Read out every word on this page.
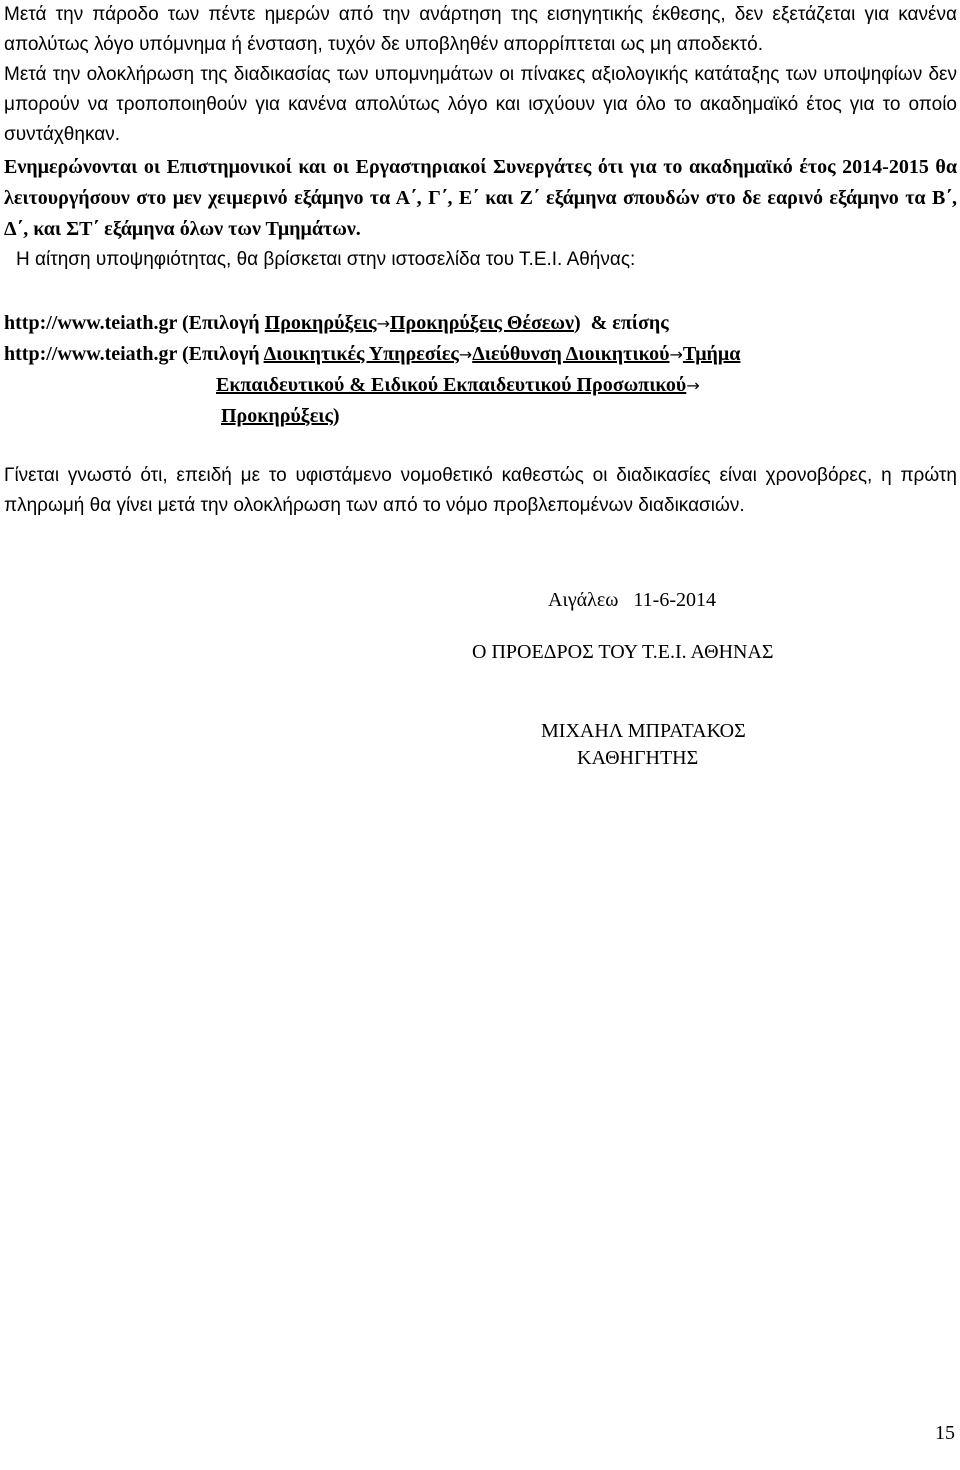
Μετά την πάροδο των πέντε ημερών από την ανάρτηση της εισηγητικής έκθεσης, δεν εξετάζεται για κανένα απολύτως λόγο υπόμνημα ή ένσταση, τυχόν δε υποβληθέν απορρίπτεται ως μη αποδεκτό.

Μετά την ολοκλήρωση της διαδικασίας των υπομνημάτων οι πίνακες αξιολογικής κατάταξης των υποψηφίων δεν μπορούν να τροποποιηθούν για κανένα απολύτως λόγο και ισχύουν για όλο το ακαδημαϊκό έτος για το οποίο συντάχθηκαν.

Ενημερώνονται οι Επιστημονικοί και οι Εργαστηριακοί Συνεργάτες ότι για το ακαδημαϊκό έτος 2014-2015 θα λειτουργήσουν στο μεν χειμερινό εξάμηνο τα Α΄, Γ΄, Ε΄ και Ζ΄ εξάμηνα σπουδών στο δε εαρινό εξάμηνο τα Β΄, Δ΄, και ΣΤ΄ εξάμηνα όλων των Τμημάτων.

Η αίτηση υποψηφιότητας, θα βρίσκεται στην ιστοσελίδα του Τ.Ε.Ι. Αθήνας:

http://www.teiath.gr (Επιλογή Προκηρύξεις→Προκηρύξεις Θέσεων)  & επίσης
http://www.teiath.gr (Επιλογή Διοικητικές Υπηρεσίες→Διεύθυνση Διοικητικού→Τμήμα
Εκπαιδευτικού & Ειδικού Εκπαιδευτικού Προσωπικού→
Προκηρύξεις)

Γίνεται γνωστό ότι, επειδή με το υφιστάμενο νομοθετικό καθεστώς οι διαδικασίες είναι χρονοβόρες, η πρώτη πληρωμή θα γίνει μετά την ολοκλήρωση των από το νόμο προβλεπομένων διαδικασιών.

Αιγάλεω 11-6-2014

Ο ΠΡΟΕΔΡΟΣ ΤΟΥ Τ.Ε.Ι. ΑΘΗΝΑΣ

ΜΙΧΑΗΛ ΜΠΡΑΤΑΚΟΣ

ΚΑΘΗΓΗΤΗΣ

15
